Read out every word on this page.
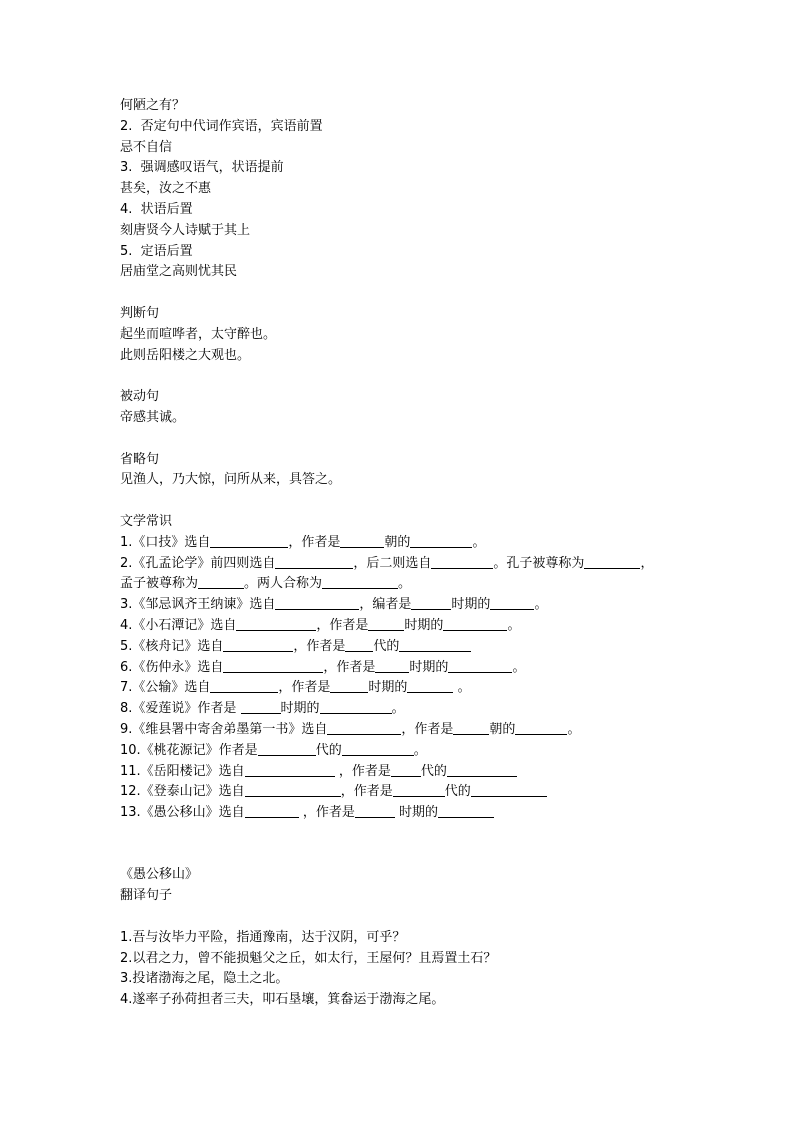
何陋之有？
2.  否定句中代词作宾语，宾语前置
忌不自信
3.  强调感叹语气，状语提前
甚矣，汝之不惠
4.  状语后置
刻唐贤今人诗赋于其上
5.  定语后置
居庙堂之高则忧其民
判断句
起坐而喧哗者，太守醉也。
此则岳阳楼之大观也。
被动句
帝感其诚。
省略句
见渔人，乃大惊，问所从来，具答之。
文学常识
1.《口技》选自	，作者是	朝的	。
2.《孔孟论学》前四则选自	，后二则选自	。孔子被尊称为	，
孟子被尊称为	。两人合称为	。
3.《邹忌讽齐王纳谏》选自	，编者是	时期的	。
4.《小石潭记》选自	，作者是	时期的	。
5.《核舟记》选自	，作者是 代的
6.《伤仲永》选自	，作者是	时期的	。
7.《公输》选自	，作者是	时期的	。
8.《爱莲说》作者是	时期的	。
9.《维县署中寄舍弟墨第一书》选自	，作者是	朝的	。
10.《桃花源记》作者是	代的	。
11.《岳阳楼记》选自	，作者是 代的
12.《登泰山记》选自	，作者是	代的
13.《愚公移山》选自	，作者是	时期的
《愚公移山》
翻译句子
1.吾与汝毕力平险，指通豫南，达于汉阴，可乎？
2.以君之力，曾不能损魁父之丘，如太行，王屋何？且焉置土石？
3.投诸渤海之尾，隐土之北。
4.遂率子孙荷担者三夫，叩石垦壤，箕畚运于渤海之尾。
